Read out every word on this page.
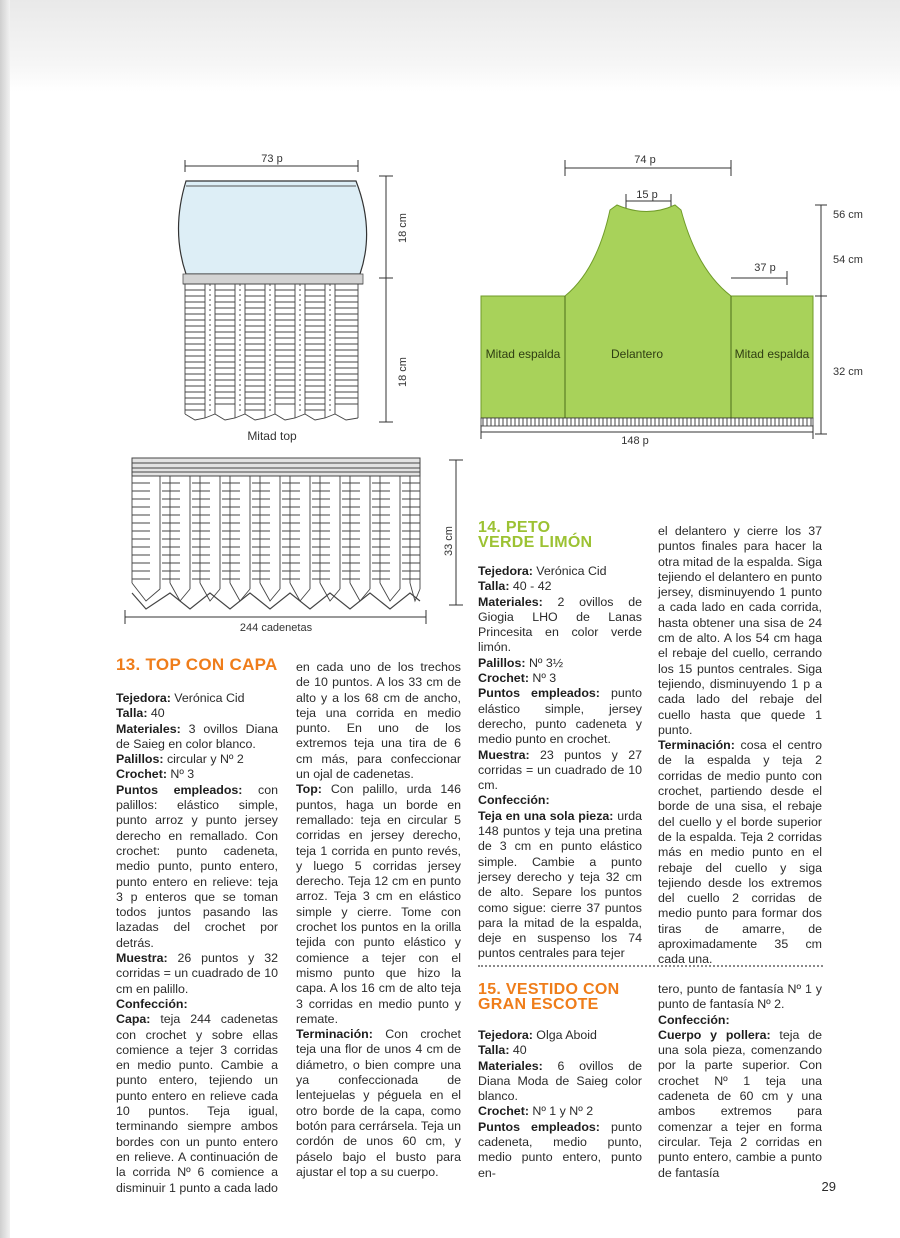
73 p
18 cm
18 cm
Mitad top
33 cm
244 cadenetas
74 p
15 p
Mitad espalda	Delantero	Mitad espalda
37 p
56 cm
54 cm
32 cm
148 p
13. TOP CON CAPA

Tejedora: Verónica Cid

Talla: 40

Materiales: 3 ovillos Diana de Saieg en color blanco.

Palillos: circular y Nº 2

Crochet: Nº 3

Puntos empleados: con palillos: elástico simple, punto arroz y punto jersey derecho en remallado. Con crochet: punto cadeneta, medio punto, punto entero, punto entero en relieve: teja 3 p enteros que se toman todos juntos pasando las lazadas del crochet por detrás.

Muestra: 26 puntos y 32 corridas = un cuadrado de 10 cm en palillo.

Confección:

Capa: teja 244 cadenetas con crochet y sobre ellas comience a tejer 3 corridas en medio punto. Cambie a punto entero, tejiendo un punto entero en relieve cada 10 puntos. Teja igual, terminando siempre ambos bordes con un punto entero en relieve. A continuación de la corrida Nº 6 comience a disminuir 1 punto a cada lado

en cada uno de los trechos de 10 puntos. A los 33 cm de alto y a los 68 cm de ancho, teja una corrida en medio punto. En uno de los extremos teja una tira de 6 cm más, para confeccionar un ojal de cadenetas.

Top: Con palillo, urda 146 puntos, haga un borde en remallado: teja en circular 5 corridas en jersey derecho, teja 1 corrida en punto revés, y luego 5 corridas jersey derecho. Teja 12 cm en punto arroz. Teja 3 cm en elástico simple y cierre. Tome con crochet los puntos en la orilla tejida con punto elástico y comience a tejer con el mismo punto que hizo la capa. A los 16 cm de alto teja 3 corridas en medio punto y remate.

Terminación: Con crochet teja una flor de unos 4 cm de diámetro, o bien compre una ya confeccionada de lentejuelas y péguela en el otro borde de la capa, como botón para cerrársela. Teja un cordón de unos 60 cm, y páselo bajo el busto para ajustar el top a su cuerpo.

14. PETO
VERDE LIMÓN

Tejedora: Verónica Cid

Talla: 40 - 42

Materiales: 2 ovillos de Giogia LHO de Lanas Princesita en color verde limón.

Palillos: Nº 3½

Crochet: Nº 3

Puntos empleados: punto elástico simple, jersey derecho, punto cadeneta y medio punto en crochet.

Muestra: 23 puntos y 27 corridas = un cuadrado de 10 cm.

Confección:

Teja en una sola pieza: urda 148 puntos y teja una pretina de 3 cm en punto elástico simple. Cambie a punto jersey derecho y teja 32 cm de alto. Separe los puntos como sigue: cierre 37 puntos para la mitad de la espalda, deje en suspenso los 74 puntos centrales para tejer

el delantero y cierre los 37 puntos finales para hacer la otra mitad de la espalda. Siga tejiendo el delantero en punto jersey, disminuyendo 1 punto a cada lado en cada corrida, hasta obtener una sisa de 24 cm de alto. A los 54 cm haga el rebaje del cuello, cerrando los 15 puntos centrales. Siga tejiendo, disminuyendo 1 p a cada lado del rebaje del cuello hasta que quede 1 punto.

Terminación: cosa el centro de la espalda y teja 2 corridas de medio punto con crochet, partiendo desde el borde de una sisa, el rebaje del cuello y el borde superior de la espalda. Teja 2 corridas más en medio punto en el rebaje del cuello y siga tejiendo desde los extremos del cuello 2 corridas de medio punto para formar dos tiras de amarre, de aproximadamente 35 cm cada una.

15. VESTIDO CON
GRAN ESCOTE

Tejedora: Olga Aboid

Talla: 40

Materiales: 6 ovillos de Diana Moda de Saieg color blanco.

Crochet: Nº 1 y Nº 2

Puntos empleados: punto cadeneta, medio punto, medio punto entero, punto en-

tero, punto de fantasía Nº 1 y punto de fantasía Nº 2.

Confección:

Cuerpo y pollera: teja de una sola pieza, comenzando por la parte superior. Con crochet Nº 1 teja una cadeneta de 60 cm y una ambos extremos para comenzar a tejer en forma circular. Teja 2 corridas en punto entero, cambie a punto de fantasía

29
